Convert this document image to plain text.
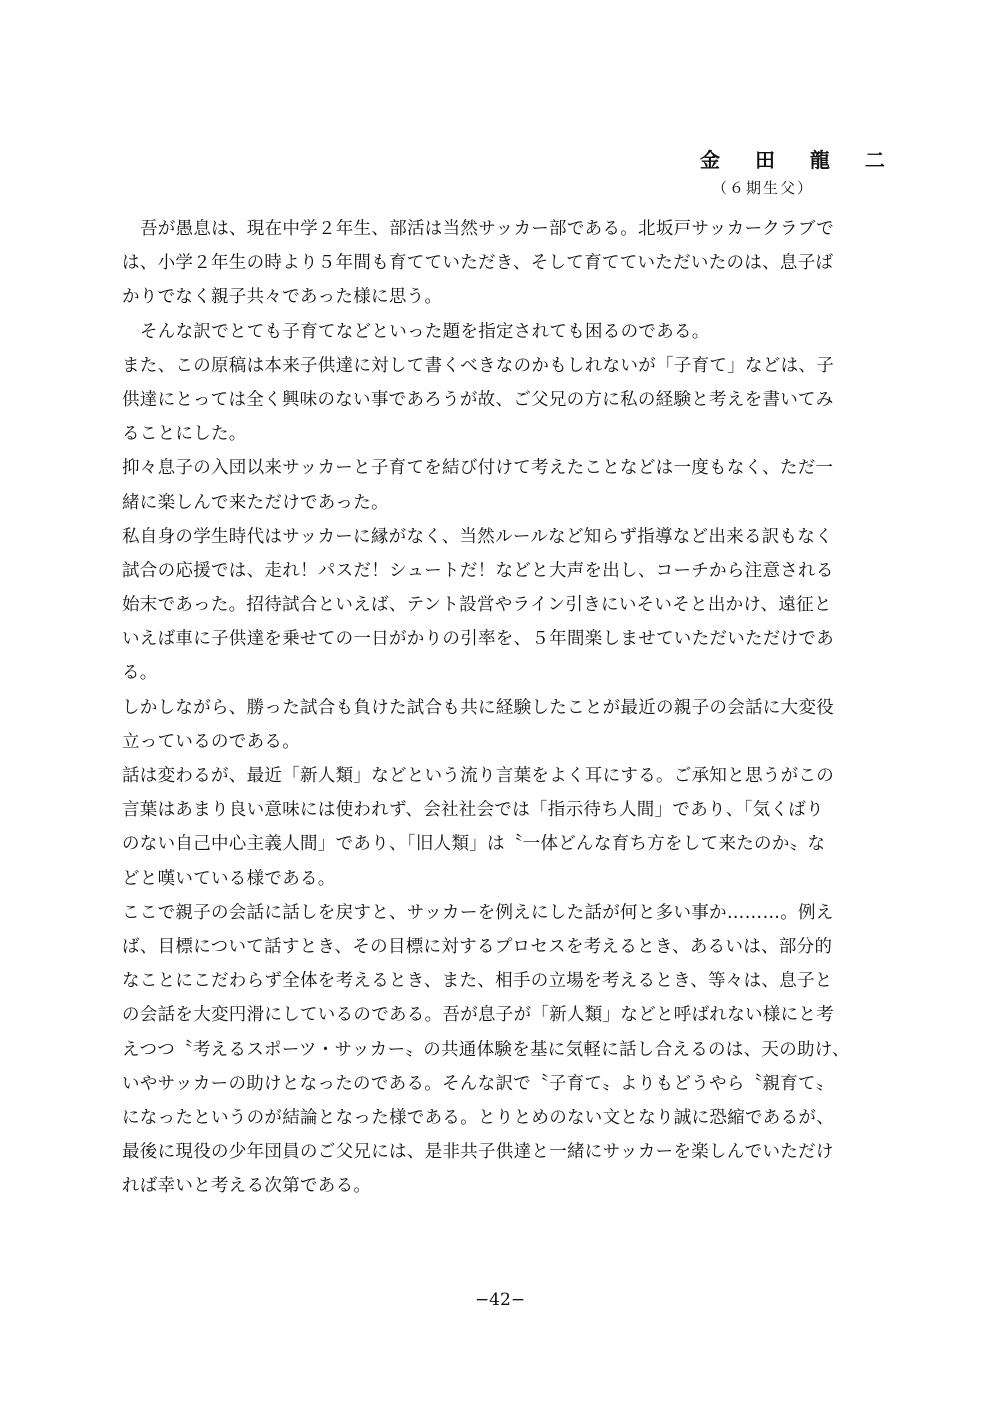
金 田 龍 二
（６期生父）
吾が愚息は、現在中学２年生、部活は当然サッカー部である。北坂戸サッカークラブで
は、小学２年生の時より５年間も育てていただき、そして育てていただいたのは、息子ば
かりでなく親子共々であった様に思う。
そんな訳でとても子育てなどといった題を指定されても困るのである。
また、この原稿は本来子供達に対して書くべきなのかもしれないが「子育て」などは、子
供達にとっては全く興味のない事であろうが故、ご父兄の方に私の経験と考えを書いてみ
ることにした。
抑々息子の入団以来サッカーと子育てを結び付けて考えたことなどは一度もなく、ただ一
緒に楽しんで来ただけであった。
私自身の学生時代はサッカーに縁がなく、当然ルールなど知らず指導など出来る訳もなく
試合の応援では、走れ！パスだ！シュートだ！などと大声を出し、コーチから注意される
始末であった。招待試合といえば、テント設営やライン引きにいそいそと出かけ、遠征と
いえば車に子供達を乗せての一日がかりの引率を、５年間楽しませていただいただけであ
る。
しかしながら、勝った試合も負けた試合も共に経験したことが最近の親子の会話に大変役
立っているのである。
話は変わるが、最近「新人類」などという流り言葉をよく耳にする。ご承知と思うがこの
言葉はあまり良い意味には使われず、会社社会では「指示待ち人間」であり、「気くばり
のない自己中心主義人間」であり、「旧人類」は〝一体どんな育ち方をして来たのか〟な
どと嘆いている様である。
ここで親子の会話に話しを戻すと、サッカーを例えにした話が何と多い事か………。例え
ば、目標について話すとき、その目標に対するプロセスを考えるとき、あるいは、部分的
なことにこだわらず全体を考えるとき、また、相手の立場を考えるとき、等々は、息子と
の会話を大変円滑にしているのである。吾が息子が「新人類」などと呼ばれない様にと考
えつつ〝考えるスポーツ・サッカー〟の共通体験を基に気軽に話し合えるのは、天の助け、
いやサッカーの助けとなったのである。そんな訳で〝子育て〟よりもどうやら〝親育て〟
になったというのが結論となった様である。とりとめのない文となり誠に恐縮であるが、
最後に現役の少年団員のご父兄には、是非共子供達と一緒にサッカーを楽しんでいただけ
れば幸いと考える次第である。
−42−
